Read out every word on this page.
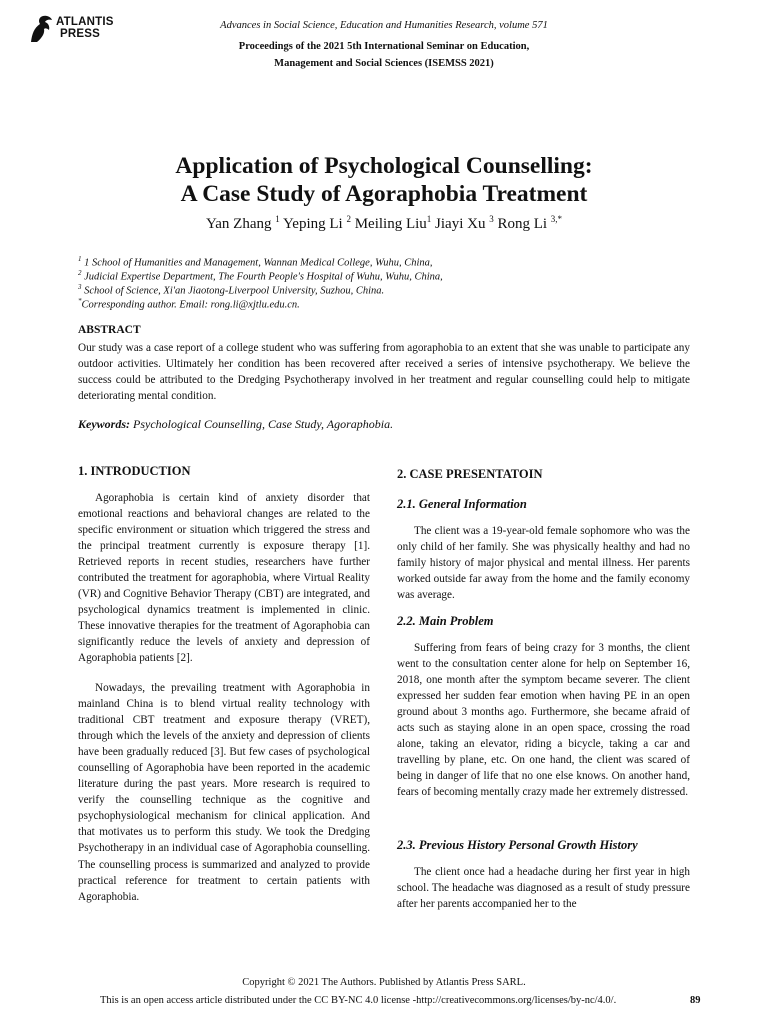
ATLANTIS
PRESS
Advances in Social Science, Education and Humanities Research, volume 571
Proceedings of the 2021 5th International Seminar on Education,
Management and Social Sciences (ISEMSS 2021)
Application of Psychological Counselling:
A Case Study of Agoraphobia Treatment
Yan Zhang $^1$ Yeping Li $^2$ Meiling Liu$^1$ Jiayi Xu $^3$ Rong Li $^{3,*}$
$^1$ 1 School of Humanities and Management, Wannan Medical College, Wuhu, China,
$^2$ Judicial Expertise Department, The Fourth People's Hospital of Wuhu, Wuhu, China,
$^3$ School of Science, Xi'an Jiaotong-Liverpool University, Suzhou, China.
*Corresponding author. Email: rong.li@xjtlu.edu.cn.
ABSTRACT
Our study was a case report of a college student who was suffering from agoraphobia to an extent that she was unable to participate any outdoor activities. Ultimately her condition has been recovered after received a series of intensive psychotherapy. We believe the success could be attributed to the Dredging Psychotherapy involved in her treatment and regular counselling could help to mitigate deteriorating mental condition.
Keywords: Psychological Counselling, Case Study, Agoraphobia.
1. INTRODUCTION

Agoraphobia is certain kind of anxiety disorder that emotional reactions and behavioral changes are related to the specific environment or situation which triggered the stress and the principal treatment currently is exposure therapy [1]. Retrieved reports in recent studies, researchers have further contributed the treatment for agoraphobia, where Virtual Reality (VR) and Cognitive Behavior Therapy (CBT) are integrated, and psychological dynamics treatment is implemented in clinic. These innovative therapies for the treatment of Agoraphobia can significantly reduce the levels of anxiety and depression of Agoraphobia patients [2].

Nowadays, the prevailing treatment with Agoraphobia in mainland China is to blend virtual reality technology with traditional CBT treatment and exposure therapy (VRET), through which the levels of the anxiety and depression of clients have been gradually reduced [3]. But few cases of psychological counselling of Agoraphobia have been reported in the academic literature during the past years. More research is required to verify the counselling technique as the cognitive and psychophysiological mechanism for clinical application. And that motivates us to perform this study. We took the Dredging Psychotherapy in an individual case of Agoraphobia counselling. The counselling process is summarized and analyzed to provide practical reference for treatment to certain patients with Agoraphobia.

2. CASE PRESENTATOIN
2.1. General Information

The client was a 19-year-old female sophomore who was the only child of her family. She was physically healthy and had no family history of major physical and mental illness. Her parents worked outside far away from the home and the family economy was average.

2.2. Main Problem

Suffering from fears of being crazy for 3 months, the client went to the consultation center alone for help on September 16, 2018, one month after the symptom became severer. The client expressed her sudden fear emotion when having PE in an open ground about 3 months ago. Furthermore, she became afraid of acts such as staying alone in an open space, crossing the road alone, taking an elevator, riding a bicycle, taking a car and travelling by plane, etc. On one hand, the client was scared of being in danger of life that no one else knows. On another hand, fears of becoming mentally crazy made her extremely distressed.

2.3. Previous History Personal Growth History

The client once had a headache during her first year in high school. The headache was diagnosed as a result of study pressure after her parents accompanied her to the

Copyright © 2021 The Authors. Published by Atlantis Press SARL.
This is an open access article distributed under the CC BY-NC 4.0 license -http://creativecommons.org/licenses/by-nc/4.0/.	89
